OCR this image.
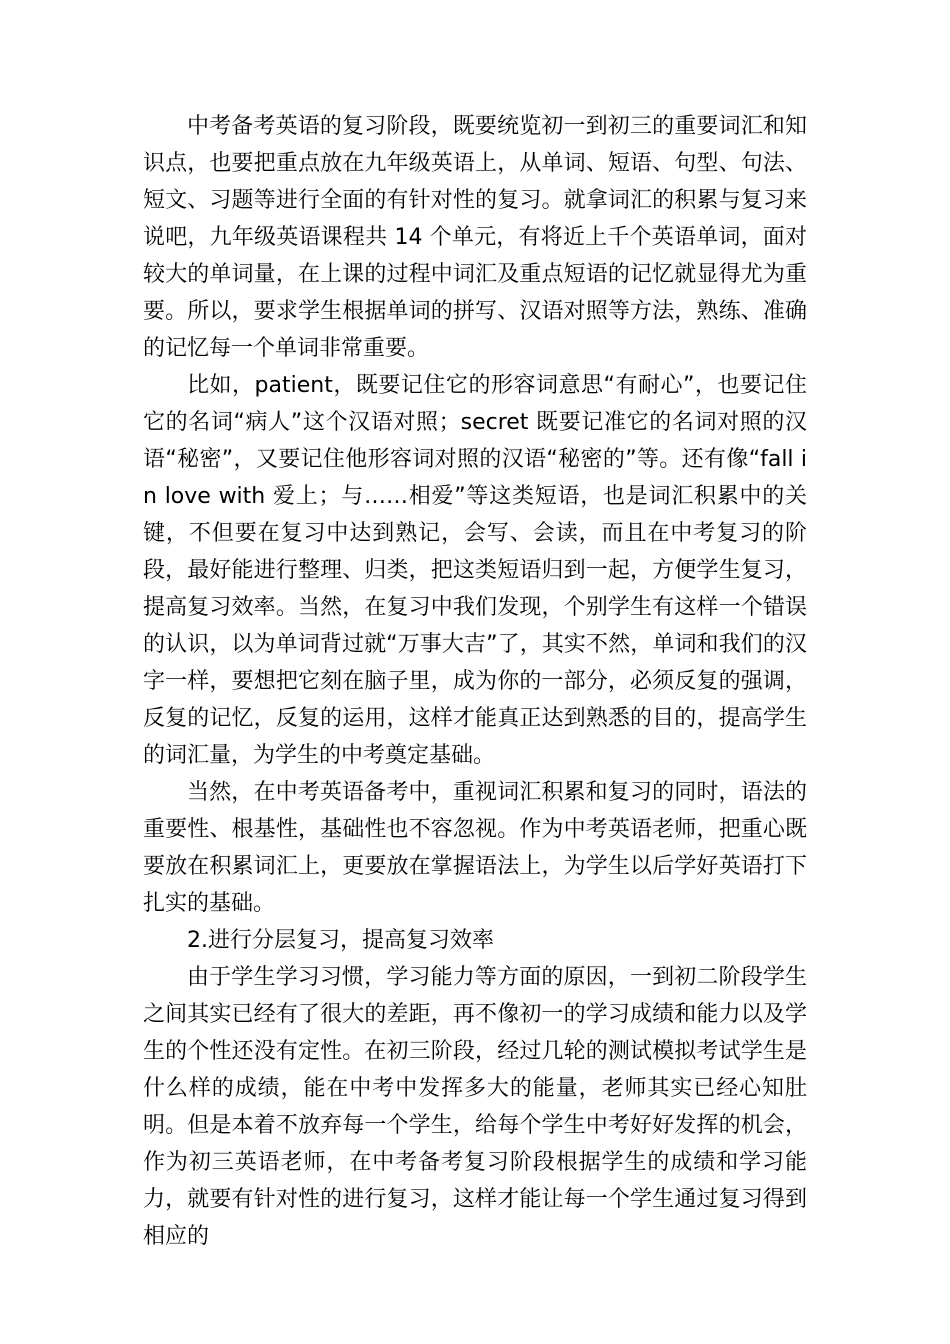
中考备考英语的复习阶段，既要统览初一到初三的重要词汇和知识点，也要把重点放在九年级英语上，从单词、短语、句型、句法、短文、习题等进行全面的有针对性的复习。就拿词汇的积累与复习来说吧，九年级英语课程共 14 个单元，有将近上千个英语单词，面对较大的单词量，在上课的过程中词汇及重点短语的记忆就显得尤为重要。所以，要求学生根据单词的拼写、汉语对照等方法，熟练、准确的记忆每一个单词非常重要。

比如，patient，既要记住它的形容词意思“有耐心”，也要记住它的名词“病人”这个汉语对照；secret 既要记准它的名词对照的汉语“秘密”，又要记住他形容词对照的汉语“秘密的”等。还有像“fall in love with 爱上；与……相爱”等这类短语，也是词汇积累中的关键，不但要在复习中达到熟记，会写、会读，而且在中考复习的阶段，最好能进行整理、归类，把这类短语归到一起，方便学生复习，提高复习效率。当然，在复习中我们发现，个别学生有这样一个错误的认识，以为单词背过就“万事大吉”了，其实不然，单词和我们的汉字一样，要想把它刻在脑子里，成为你的一部分，必须反复的强调，反复的记忆，反复的运用，这样才能真正达到熟悉的目的，提高学生的词汇量，为学生的中考奠定基础。

当然，在中考英语备考中，重视词汇积累和复习的同时，语法的重要性、根基性，基础性也不容忽视。作为中考英语老师，把重心既要放在积累词汇上，更要放在掌握语法上，为学生以后学好英语打下扎实的基础。

2.进行分层复习，提高复习效率

由于学生学习习惯，学习能力等方面的原因，一到初二阶段学生之间其实已经有了很大的差距，再不像初一的学习成绩和能力以及学生的个性还没有定性。在初三阶段，经过几轮的测试模拟考试学生是什么样的成绩，能在中考中发挥多大的能量，老师其实已经心知肚明。但是本着不放弃每一个学生，给每个学生中考好好发挥的机会，作为初三英语老师，在中考备考复习阶段根据学生的成绩和学习能力，就要有针对性的进行复习，这样才能让每一个学生通过复习得到相应的
